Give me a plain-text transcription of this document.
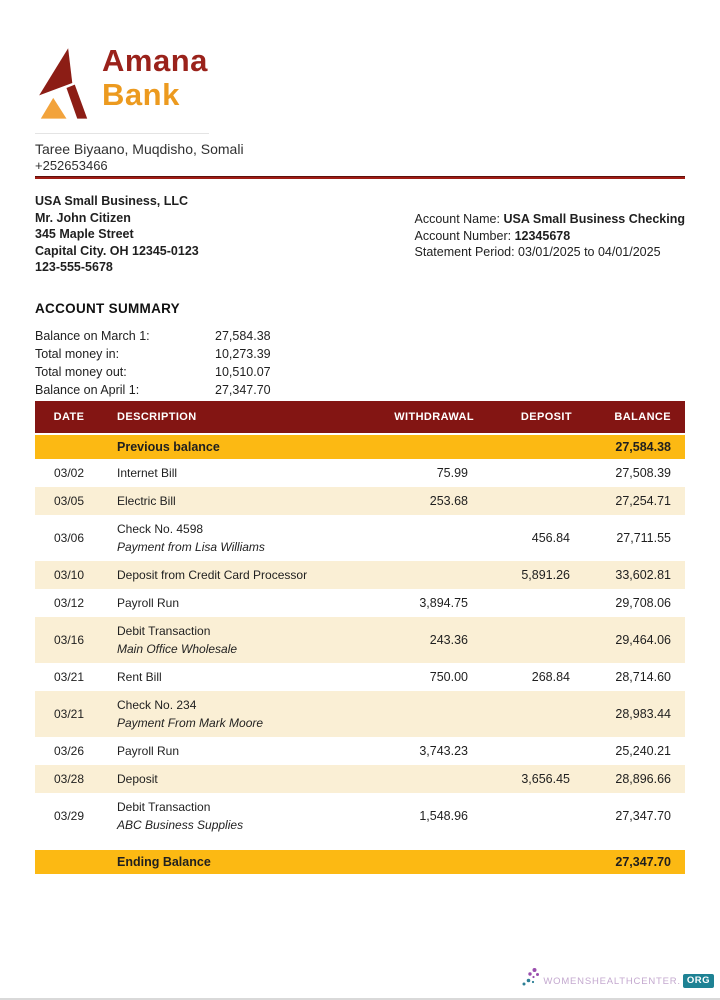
Amana
Bank
Taree Biyaano, Muqdisho, Somali
+252653466
USA Small Business, LLC
Mr. John Citizen
345 Maple Street
Capital City. OH 12345-0123
123-555-5678
Account Name: USA Small Business Checking
Account Number: 12345678
Statement Period: 03/01/2025 to 04/01/2025
ACCOUNT SUMMARY
Balance on March 1:	27,584.38
Total money in:	10,273.39
Total money out:	10,510.07
Balance on April 1:	27,347.70
DATE	DESCRIPTION	WITHDRAWAL	DEPOSIT	BALANCE
	Previous balance			27,584.38
03/02	Internet Bill	75.99		27,508.39
03/05	Electric Bill	253.68		27,254.71
03/06	Check No. 4598
Payment from Lisa Williams		456.84	27,711.55
03/10	Deposit from Credit Card Processor		5,891.26	33,602.81
03/12	Payroll Run	3,894.75		29,708.06
03/16	Debit Transaction
Main Office Wholesale	243.36		29,464.06
03/21	Rent Bill	750.00	268.84	28,714.60
03/21	Check No. 234
Payment From Mark Moore			28,983.44
03/26	Payroll Run	3,743.23		25,240.21
03/28	Deposit		3,656.45	28,896.66
03/29	Debit Transaction
ABC Business Supplies	1,548.96		27,347.70

	Ending Balance			27,347.70
WOMENSHEALTHCENTER. ORG
